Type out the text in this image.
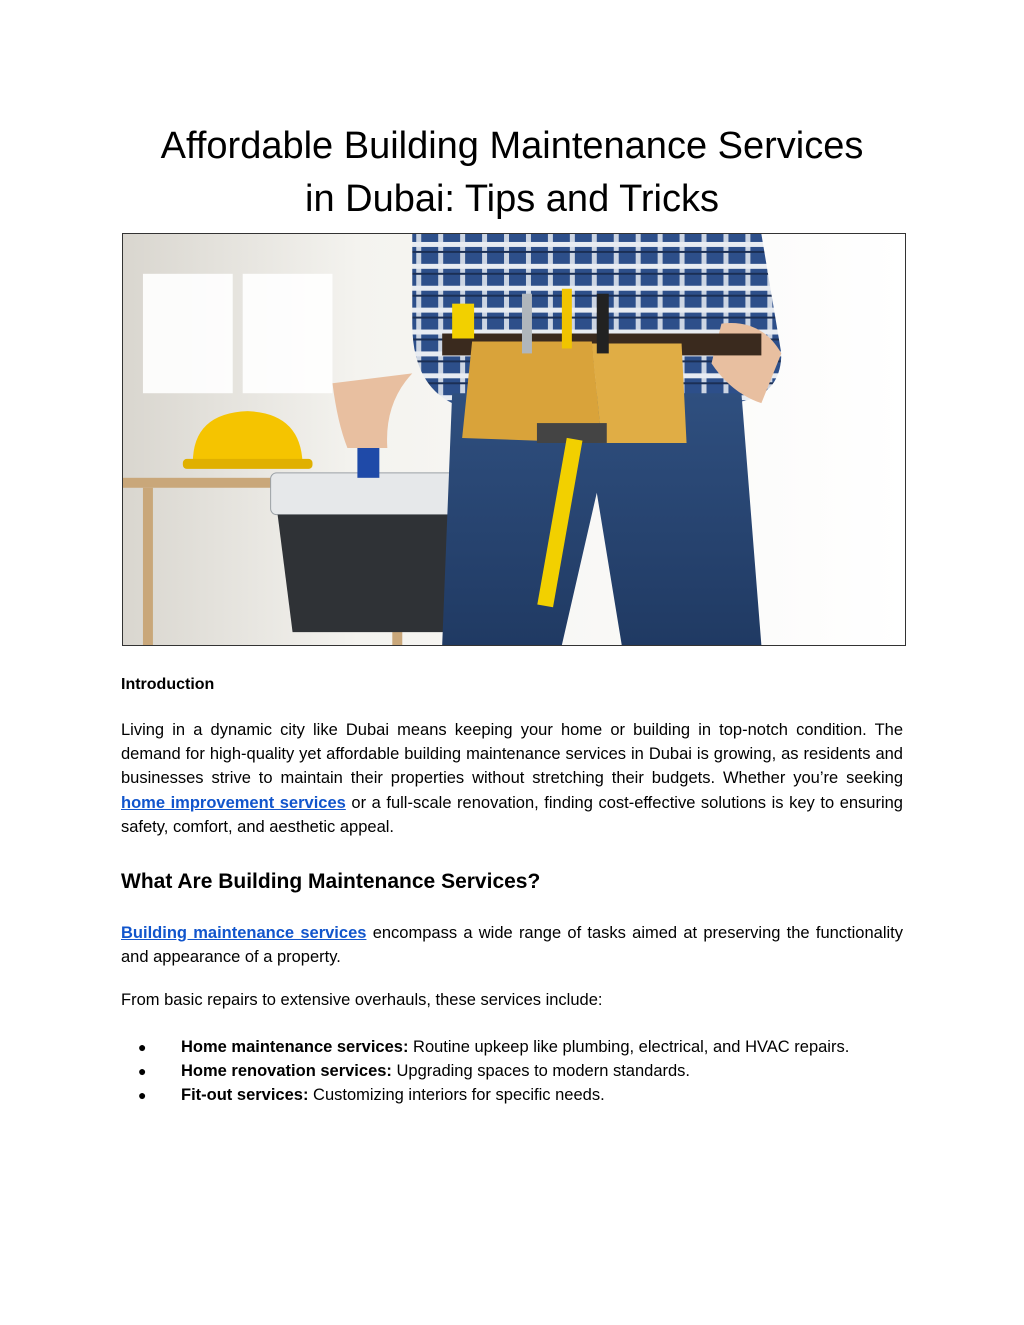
Affordable Building Maintenance Services
in Dubai: Tips and Tricks
Introduction

Living in a dynamic city like Dubai means keeping your home or building in top-notch condition. The demand for high-quality yet affordable building maintenance services in Dubai is growing, as residents and businesses strive to maintain their properties without stretching their budgets. Whether you’re seeking home improvement services or a full-scale renovation, finding cost-effective solutions is key to ensuring safety, comfort, and aesthetic appeal.

What Are Building Maintenance Services?

Building maintenance services encompass a wide range of tasks aimed at preserving the functionality and appearance of a property.

From basic repairs to extensive overhauls, these services include:

● Home maintenance services: Routine upkeep like plumbing, electrical, and HVAC repairs.
● Home renovation services: Upgrading spaces to modern standards.
● Fit-out services: Customizing interiors for specific needs.
